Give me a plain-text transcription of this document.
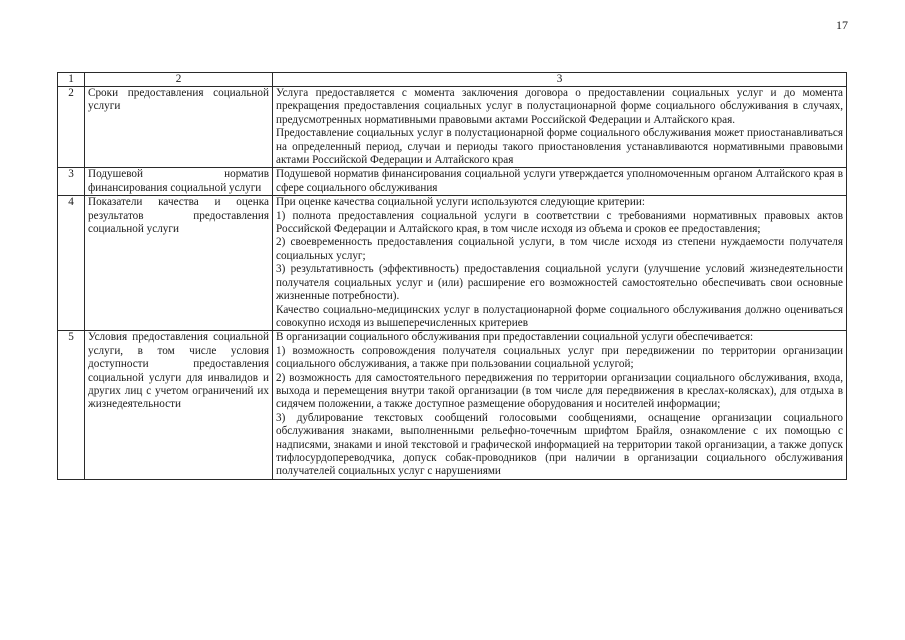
17
1	2	3
2	Сроки предоставления социальной услуги	Услуга предоставляется с момента заключения договора о предоставлении социальных услуг и до момента прекращения предоставления социальных услуг в полустационарной форме социального обслуживания в случаях, предусмотренных нормативными правовыми актами Российской Федерации и Алтайского края.

Предоставление социальных услуг в полустационарной форме социального обслуживания может приостанавливаться на определенный период, случаи и периоды такого приостановления устанавливаются нормативными правовыми актами Российской Федерации и Алтайского края

3	Подушевой норматив финансирования социальной услуги	Подушевой норматив финансирования социальной услуги утверждается уполномоченным органом Алтайского края в сфере социального обслуживания

4	Показатели качества и оценка результатов предоставления социальной услуги	При оценке качества социальной услуги используются следующие критерии:

1) полнота предоставления социальной услуги в соответствии с требованиями нормативных правовых актов Российской Федерации и Алтайского края, в том числе исходя из объема и сроков ее предоставления;

2) своевременность предоставления социальной услуги, в том числе исходя из степени нуждаемости получателя социальных услуг;

3) результативность (эффективность) предоставления социальной услуги (улучшение условий жизнедеятельности получателя социальных услуг и (или) расширение его возможностей самостоятельно обеспечивать свои основные жизненные потребности).

Качество социально-медицинских услуг в полустационарной форме социального обслуживания должно оцениваться совокупно исходя из вышеперечисленных критериев

5	Условия предоставления социальной услуги, в том числе условия доступности предоставления социальной услуги для инвалидов и других лиц с учетом ограничений их жизнедеятельности	В организации социального обслуживания при предоставлении социальной услуги обеспечивается:

1) возможность сопровождения получателя социальных услуг при передвижении по территории организации социального обслуживания, а также при пользовании социальной услугой;

2) возможность для самостоятельного передвижения по территории организации социального обслуживания, входа, выхода и перемещения внутри такой организации (в том числе для передвижения в креслах-колясках), для отдыха в сидячем положении, а также доступное размещение оборудования и носителей информации;

3) дублирование текстовых сообщений голосовыми сообщениями, оснащение организации социального обслуживания знаками, выполненными рельефно-точечным шрифтом Брайля, ознакомление с их помощью с надписями, знаками и иной текстовой и графической информацией на территории такой организации, а также допуск тифлосурдопереводчика, допуск собак-проводников (при наличии в организации социального обслуживания получателей социальных услуг с нарушениями
